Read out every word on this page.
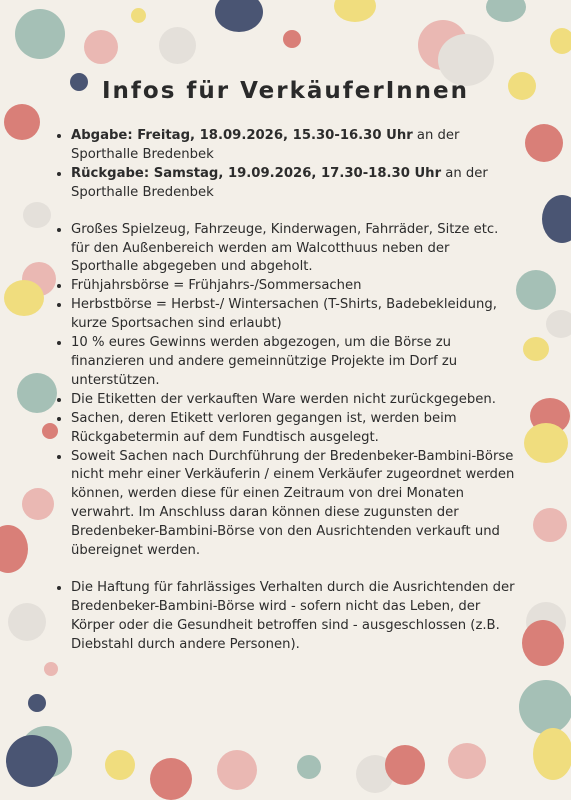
Infos für VerkäuferInnen
• Abgabe: Freitag, 18.09.2026, 15.30-16.30 Uhr an der Sporthalle Bredenbek
• Rückgabe: Samstag, 19.09.2026, 17.30-18.30 Uhr an der Sporthalle Bredenbek
• Großes Spielzeug, Fahrzeuge, Kinderwagen, Fahrräder, Sitze etc. für den Außenbereich werden am Walcotthuus neben der Sporthalle abgegeben und abgeholt.
• Frühjahrsbörse = Frühjahrs-/Sommersachen
• Herbstbörse = Herbst-/ Wintersachen (T-Shirts, Badebekleidung, kurze Sportsachen sind erlaubt)
• 10 % eures Gewinns werden abgezogen, um die Börse zu finanzieren und andere gemeinnützige Projekte im Dorf zu unterstützen.
• Die Etiketten der verkauften Ware werden nicht zurückgegeben.
• Sachen, deren Etikett verloren gegangen ist, werden beim Rückgabetermin auf dem Fundtisch ausgelegt.
• Soweit Sachen nach Durchführung der Bredenbeker-Bambini-Börse nicht mehr einer Verkäuferin / einem Verkäufer zugeordnet werden können, werden diese für einen Zeitraum von drei Monaten verwahrt. Im Anschluss daran können diese zugunsten der Bredenbeker-Bambini-Börse von den Ausrichtenden verkauft und übereignet werden.
• Die Haftung für fahrlässiges Verhalten durch die Ausrichtenden der Bredenbeker-Bambini-Börse wird - sofern nicht das Leben, der Körper oder die Gesundheit betroffen sind - ausgeschlossen (z.B. Diebstahl durch andere Personen).
